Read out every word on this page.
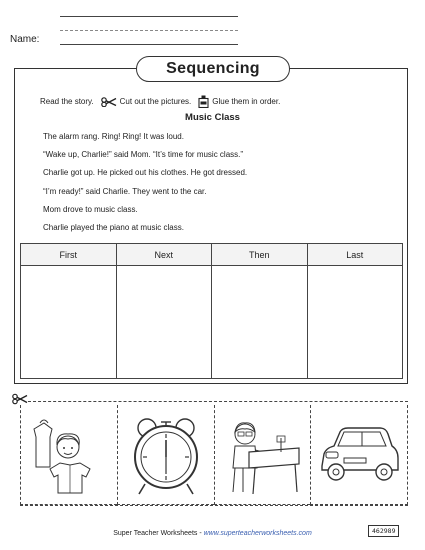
Name:
Sequencing
Read the story.	Cut out the pictures.	Glue them in order.
Music Class
The alarm rang. Ring! Ring! It was loud.
“Wake up, Charlie!” said Mom. “It’s time for music class.”
Charlie got up. He picked out his clothes. He got dressed.
“I’m ready!” said Charlie. They went to the car.
Mom drove to music class.
Charlie played the piano at music class.
First	Next	Then	Last
Super Teacher Worksheets - www.superteacherworksheets.com	462989
